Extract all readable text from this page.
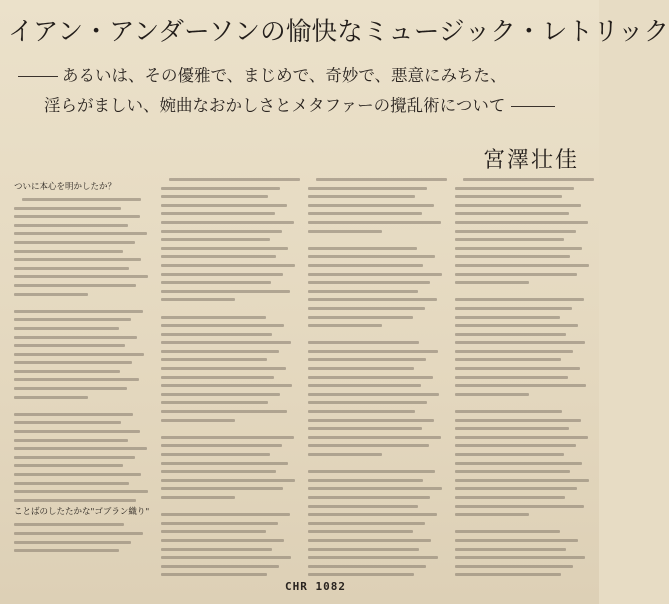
イアン・アンダーソンの愉快なミュージック・レトリック
あるいは、その優雅で、まじめで、奇妙で、悪意にみちた、
淫らがましい、婉曲なおかしさとメタファーの攪乱術について
宮澤壮佳
ついに本心を明かしたか？
ことばのしたたかな"ゴブラン織り"
CHR 1082
